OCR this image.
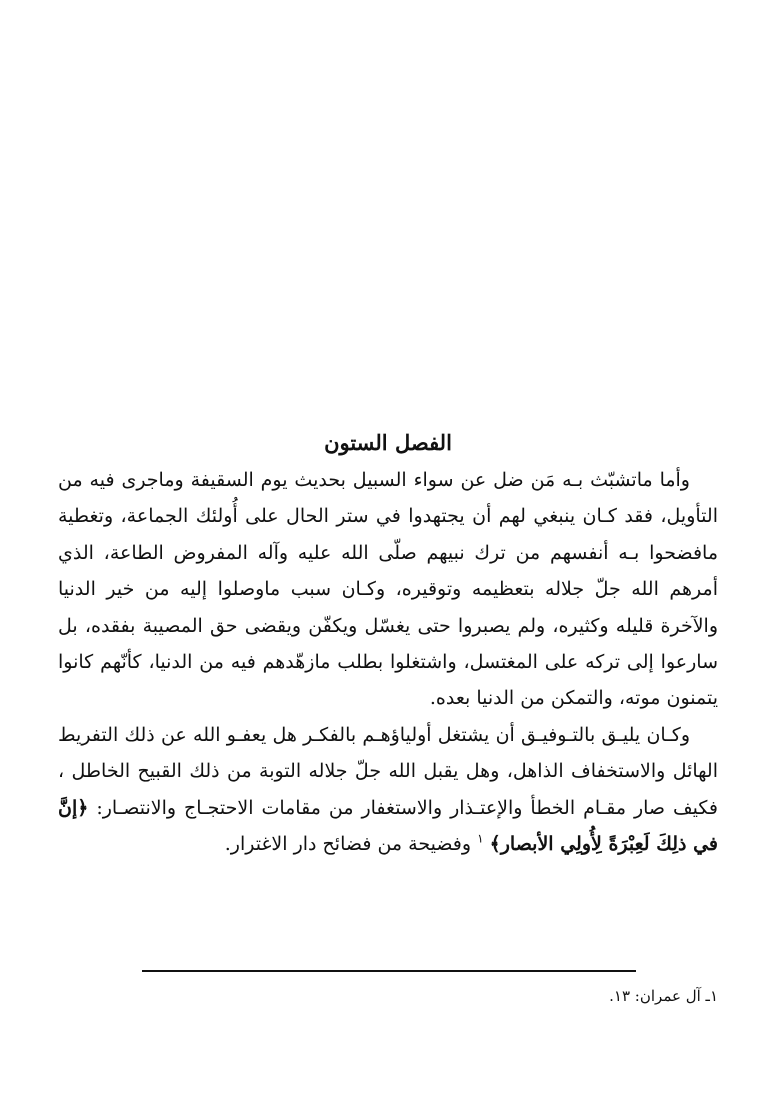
الفصل الستون

وأما ماتشبّث بـه مَن ضل عن سواء السبيل بحديث يوم السقيفة وماجرى فيه من التأويل، فقد كـان ينبغي لهم أن يجتهدوا في ستر الحال على أُولئك الجماعة، وتغطية مافضحوا بـه أنفسهم من ترك نبيهم صلّى الله عليه وآله المفروض الطاعة، الذي أمرهم الله جلّ جلاله بتعظيمه وتوقيره، وكـان سبب ماوصلوا إليه من خير الدنيا والآخرة قليله وكثيره، ولم يصبروا حتى يغسّل ويكفّن ويقضى حق المصيبة بفقده، بل سارعوا إلى تركه على المغتسل، واشتغلوا بطلب مازهّدهم فيه من الدنيا، كأنّهم كانوا يتمنون موته، والتمكن من الدنيا بعده.

وكـان يليـق بالتـوفيـق أن يشتغل أولياؤهـم بالفكـر هل يعفـو الله عن ذلك التفريط الهائل والاستخفاف الذاهل، وهل يقبل الله جلّ جلاله التوبة من ذلك القبيح الخاطل ، فكيف صار مقـام الخطأ والإعتـذار والاستغفار من مقامات الاحتجـاج والانتصـار: ﴿إنَّ في ذلِكَ لَعِبْرَةً لِأُولِي الأبصار﴾ $^١$ وفضيحة من فضائح دار الاغترار.

١ـ آل عمران: ١٣.
